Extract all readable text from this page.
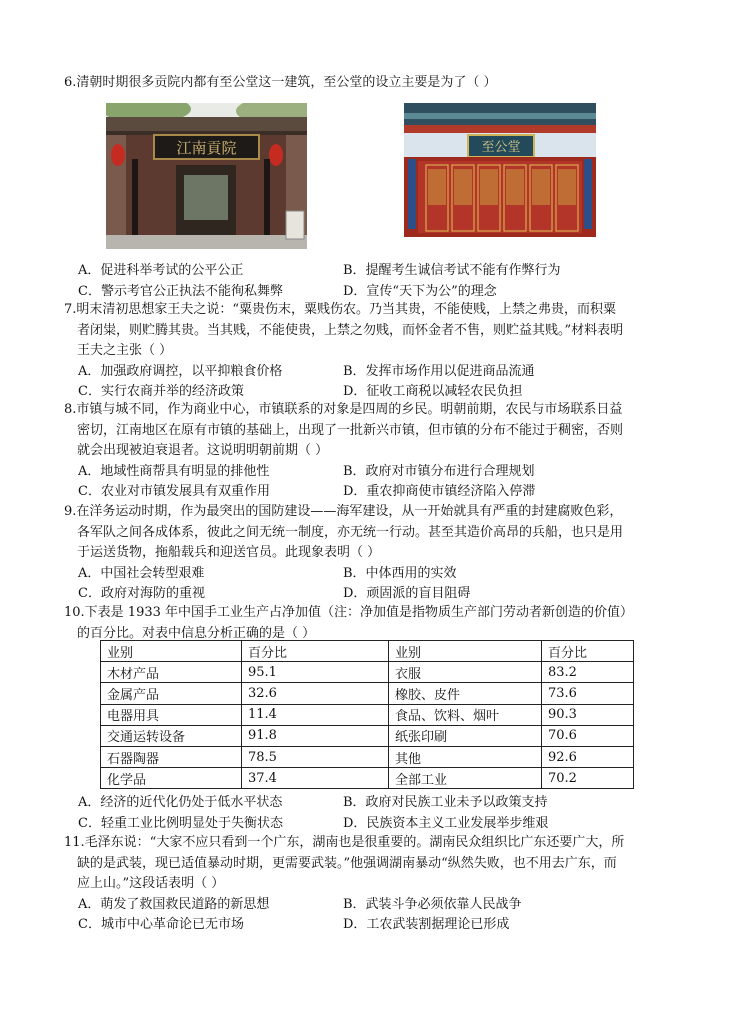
6.清朝时期很多贡院内都有至公堂这一建筑，至公堂的设立主要是为了（ ）

江南貢院	至公堂
A．促进科举考试的公平公正	B．提醒考生诚信考试不能有作弊行为
C．警示考官公正执法不能徇私舞弊	D．宣传“天下为公”的理念

7.明末清初思想家王夫之说：“粟贵伤末，粟贱伤农。乃当其贵，不能使贱，上禁之弗贵，而积粟
者闭粜，则贮腾其贵。当其贱，不能使贵，上禁之勿贱，而怀金者不售，则贮益其贱。”材料表明
王夫之主张（ ）

A．加强政府调控，以平抑粮食价格	B．发挥市场作用以促进商品流通
C．实行农商并举的经济政策	D．征收工商税以减轻农民负担

8.市镇与城不同，作为商业中心，市镇联系的对象是四周的乡民。明朝前期，农民与市场联系日益
密切，江南地区在原有市镇的基础上，出现了一批新兴市镇，但市镇的分布不能过于稠密，否则
就会出现被迫衰退者。这说明明朝前期（ ）

A．地域性商帮具有明显的排他性	B．政府对市镇分布进行合理规划
C．农业对市镇发展具有双重作用	D．重农抑商使市镇经济陷入停滞

9.在洋务运动时期，作为最突出的国防建设——海军建设，从一开始就具有严重的封建腐败色彩，
各军队之间各成体系，彼此之间无统一制度，亦无统一行动。甚至其造价高昂的兵船，也只是用
于运送货物，拖船载兵和迎送官员。此现象表明（ ）

A．中国社会转型艰难	B．中体西用的实效
C．政府对海防的重视	D．顽固派的盲目阻碍

10.下表是 1933 年中国手工业生产占净加值（注：净加值是指物质生产部门劳动者新创造的价值）
的百分比。对表中信息分析正确的是（ ）

业别	百分比	业别	百分比
木材产品	95.1	衣服	83.2
金属产品	32.6	橡胶、皮件	73.6
电器用具	11.4	食品、饮料、烟叶	90.3
交通运转设备	91.8	纸张印刷	70.6
石器陶器	78.5	其他	92.6
化学品	37.4	全部工业	70.2
A．经济的近代化仍处于低水平状态	B．政府对民族工业未予以政策支持
C．轻重工业比例明显处于失衡状态	D．民族资本主义工业发展举步维艰

11.毛泽东说：“大家不应只看到一个广东，湖南也是很重要的。湖南民众组织比广东还要广大，所
缺的是武装，现已适值暴动时期，更需要武装。”他强调湖南暴动“纵然失败，也不用去广东，而
应上山。”这段话表明（ ）

A．萌发了救国救民道路的新思想	B．武装斗争必须依靠人民战争
C．城市中心革命论已无市场	D．工农武装割据理论已形成
